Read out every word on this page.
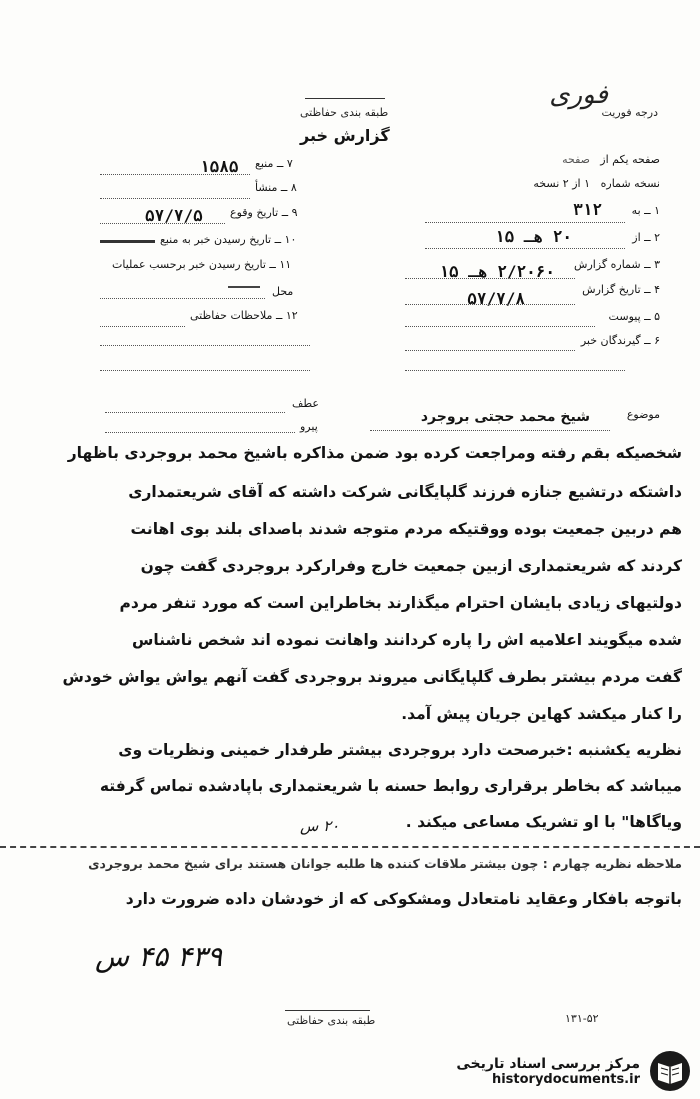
درجه فوریت
فوری
طبقه بندی حفاظتی
گزارش خبر
۷ ــ منبع
۱۵۸۵
۸ ــ منشأ
۹ ــ تاریخ وقوع
۵۷/۷/۵
۱۰ ــ تاریخ رسیدن خبر به منبع
۱۱ ــ تاریخ رسیدن خبر برحسب عملیات
محل
۱۲ ــ ملاحظات حفاظتی
صفحه یکم از
صفحه
نسخه شماره
۱ از ۲ نسخه
۱ ــ به
۳۱۲
۲ ــ از
۲۰ هـ ۱۵
۳ ــ شماره گزارش
۲/۲۰۶۰ هـ ۱۵
۴ ــ تاریخ گزارش
۵۷/۷/۸
۵ ــ پیوست
۶ ــ گیرندگان خبر
عطف
پیرو
موضوع
شیخ محمد حجتی بروجرد
شخصیکه بقم رفته ومراجعت کرده بود ضمن مذاکره باشیخ محمد بروجردی باظهار
داشتکه درتشیع جنازه فرزند گلپایگانی شرکت داشته که آقای شریعتمداری
هم دربین جمعیت بوده ووقتیکه مردم متوجه شدند باصدای بلند بوی اهانت
کردند که شریعتمداری ازبین جمعیت خارج وفرارکرد بروجردی گفت چون
دولتیهای زیادی بایشان احترام میگذارند بخاطراین است که مورد تنفر مردم
شده میگویند اعلامیه اش را پاره کردانند واهانت نموده اند شخص ناشناس
گفت مردم بیشتر بطرف گلپایگانی میروند بروجردی گفت آنهم یواش یواش خودش
را کنار میکشد کهاین جریان پیش آمد.
نظریه یکشنبه :خبرصحت دارد بروجردی بیشتر طرفدار خمینی ونظریات وی
میباشد که بخاطر برقراری روابط حسنه با شریعتمداری باپادشده تماس گرفته
ویاگاها" با او تشریک مساعی میکند .
۲۰ س
ملاحظه نظریه چهارم : چون بیشتر ملاقات کننده ها طلبه جوانان هستند برای شیخ محمد بروجردی
باتوجه بافکار وعقاید نامتعادل ومشکوکی که از خودشان داده ضرورت دارد
۴۳۹ ۴۵ س
طبقه بندی حفاظتی	۱۳۱-۵۲
مرکز بررسی اسناد تاریخی
historydocuments.ir
